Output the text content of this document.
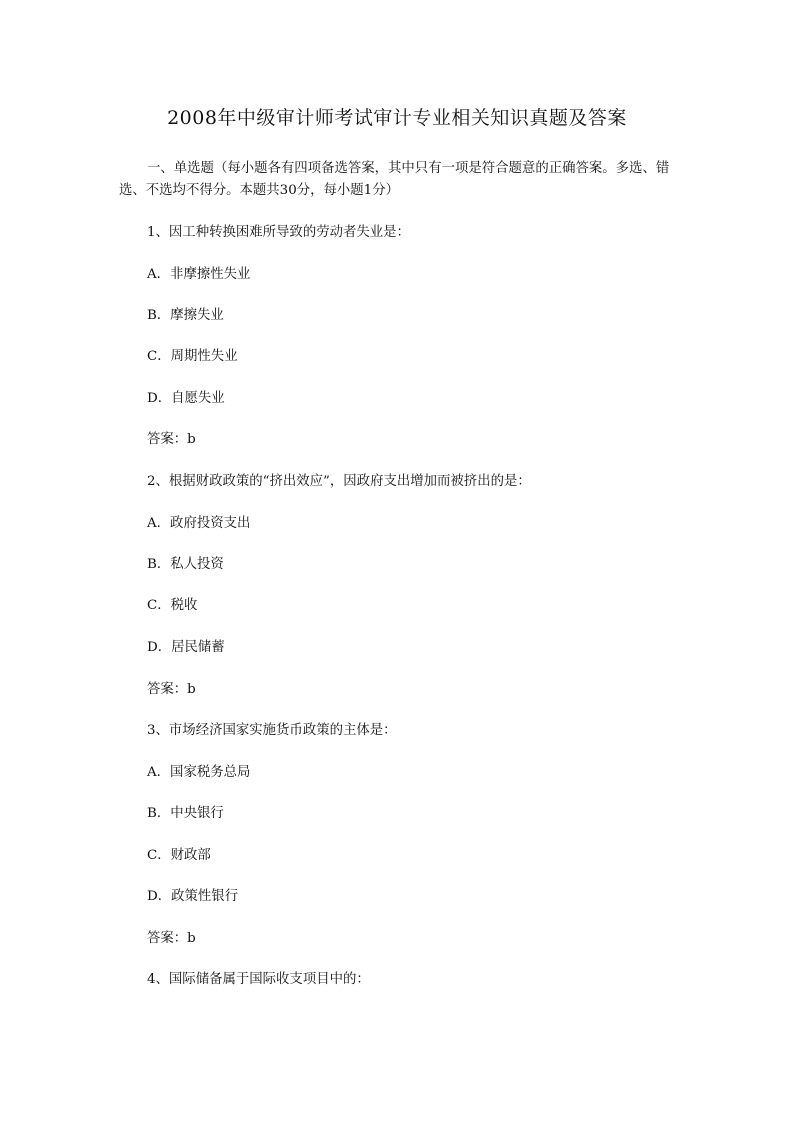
2008年中级审计师考试审计专业相关知识真题及答案
一、单选题（每小题各有四项备选答案，其中只有一项是符合题意的正确答案。多选、错选、不选均不得分。本题共30分，每小题1分）
1、因工种转换困难所导致的劳动者失业是：
A．非摩擦性失业
B．摩擦失业
C．周期性失业
D．自愿失业
答案：b
2、根据财政政策的“挤出效应”，因政府支出增加而被挤出的是：
A．政府投资支出
B．私人投资
C．税收
D．居民储蓄
答案：b
3、市场经济国家实施货币政策的主体是：
A．国家税务总局
B．中央银行
C．财政部
D．政策性银行
答案：b
4、国际储备属于国际收支项目中的：
